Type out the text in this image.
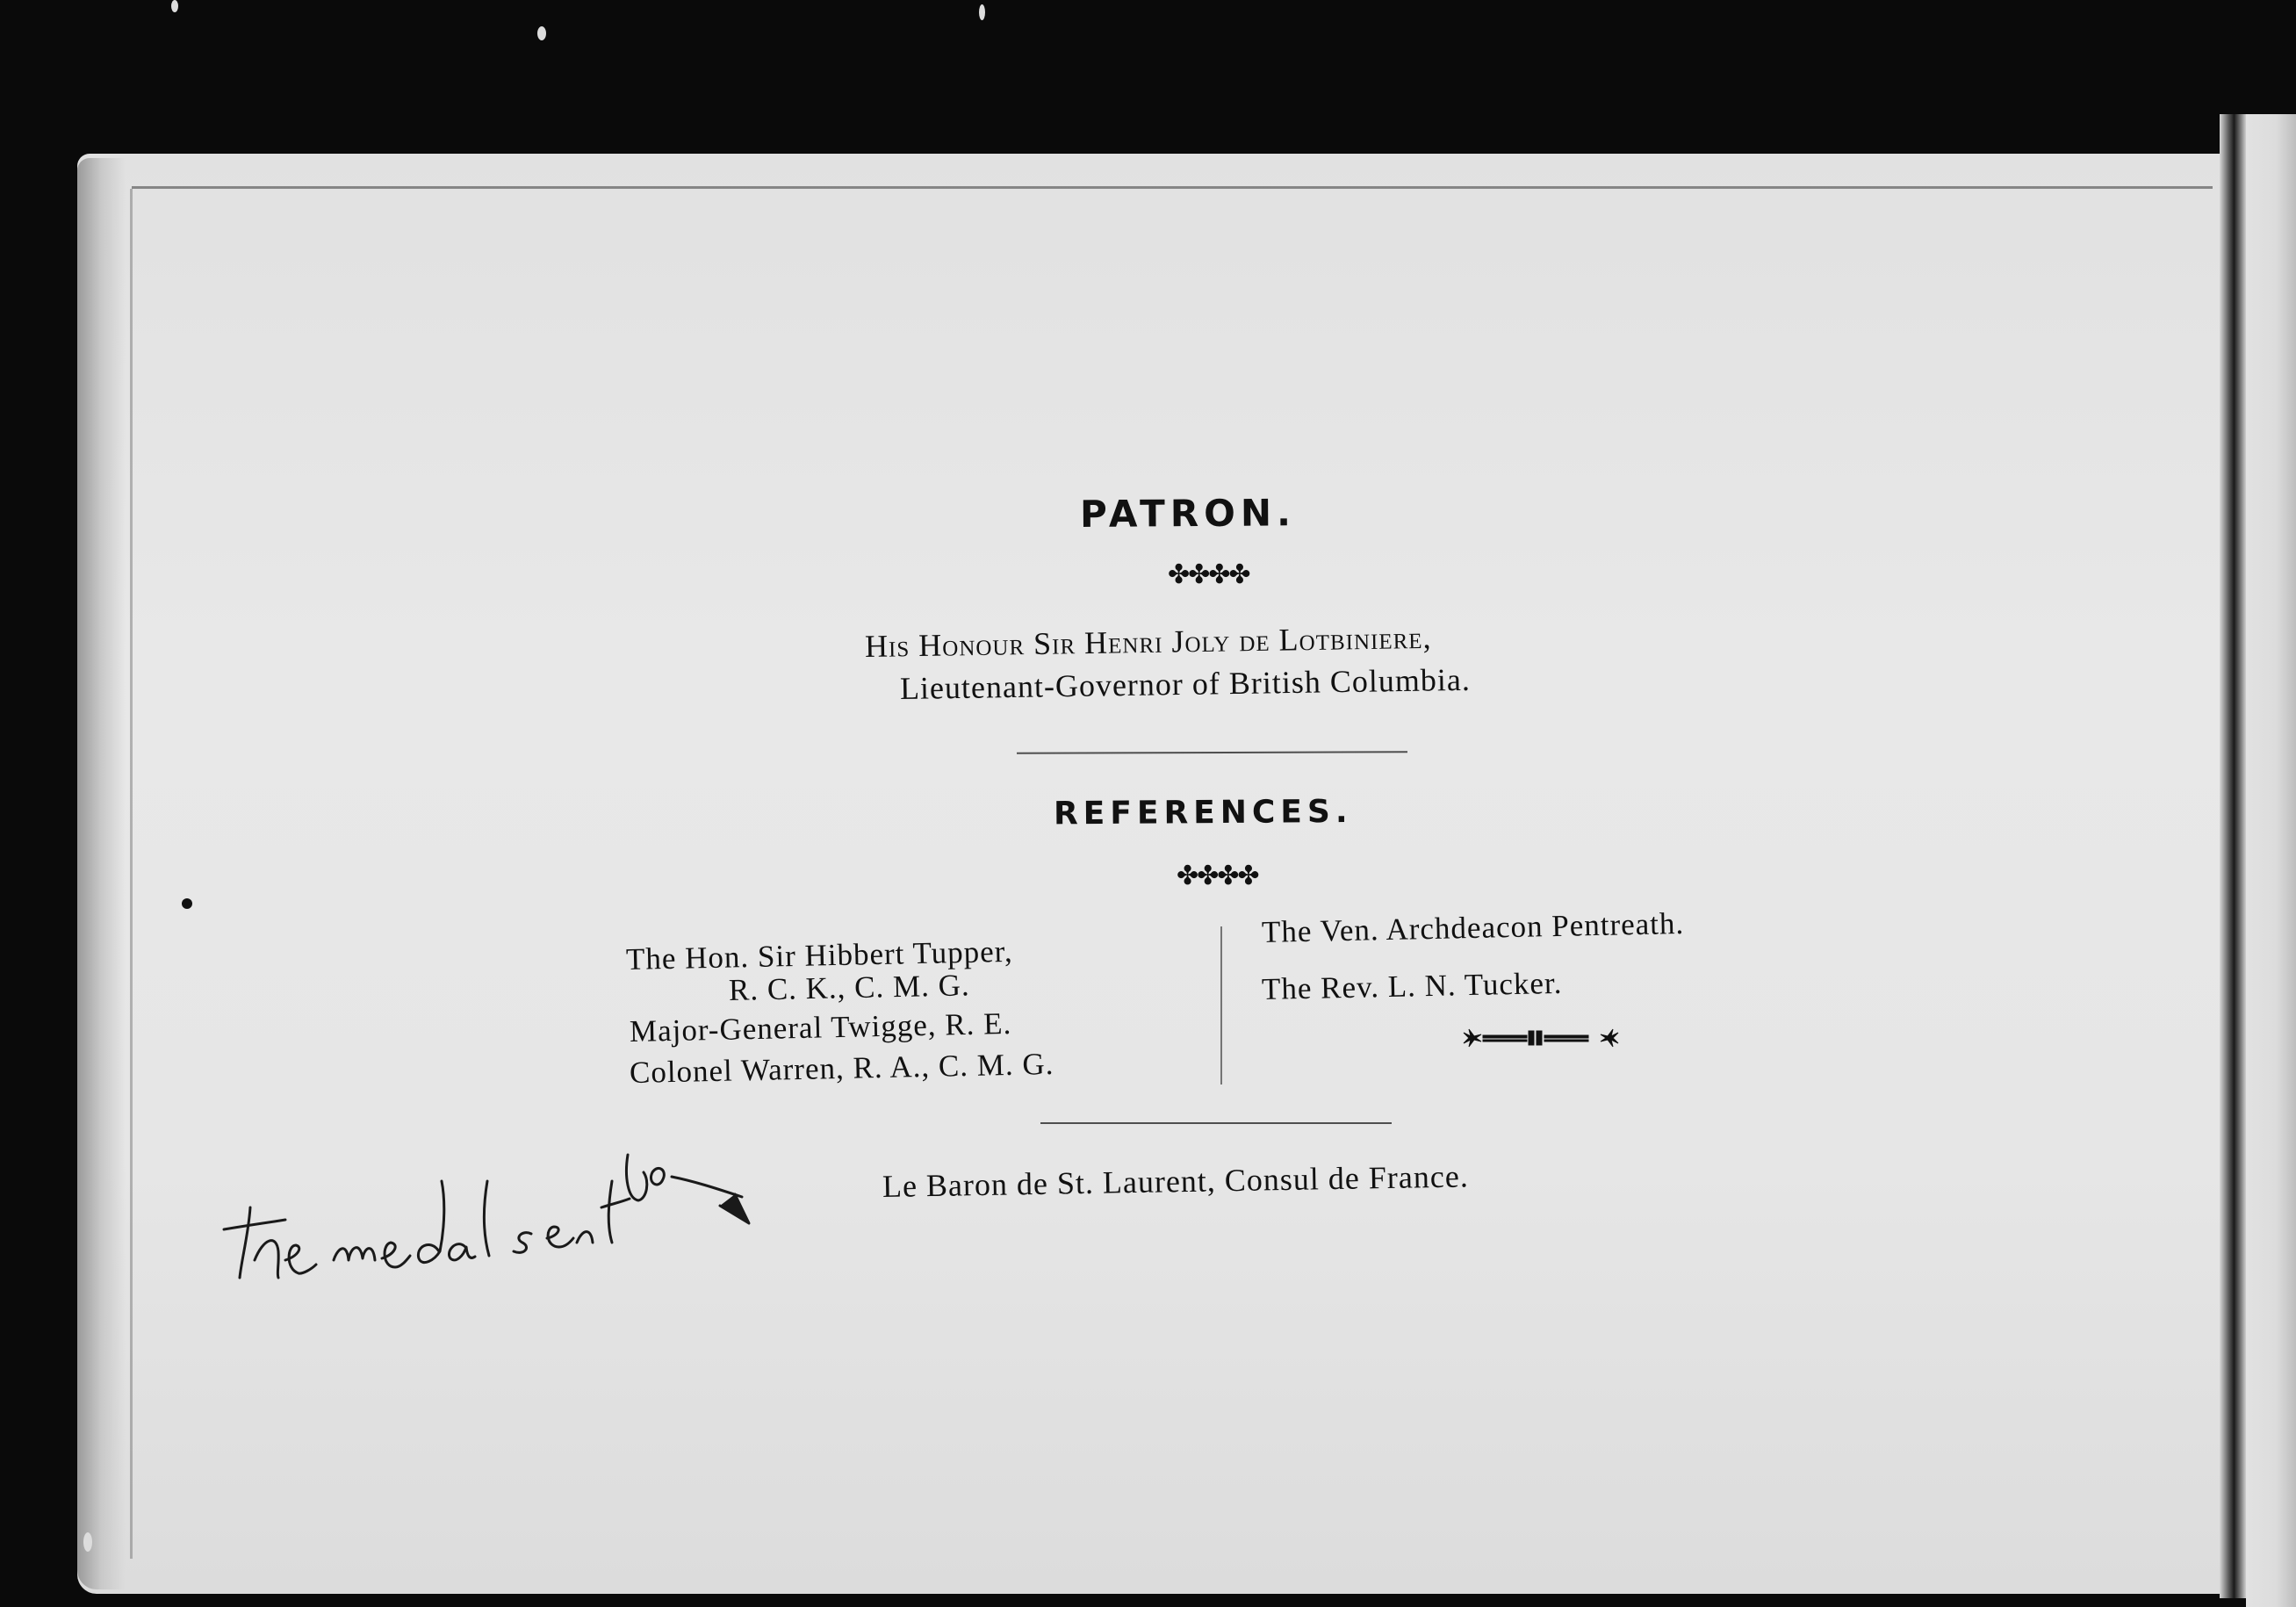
PATRON.
✤✤✤✤
His Honour Sir Henri Joly de Lotbiniere,
Lieutenant-Governor of British Columbia.
REFERENCES.
✤✤✤✤
The Hon. Sir Hibbert Tupper,
R. C. K., C. M. G.
Major-General Twigge, R. E.
Colonel Warren, R. A., C. M. G.
The Ven. Archdeacon Pentreath.
The Rev. L. N. Tucker.
Le Baron de St. Laurent, Consul de France.
